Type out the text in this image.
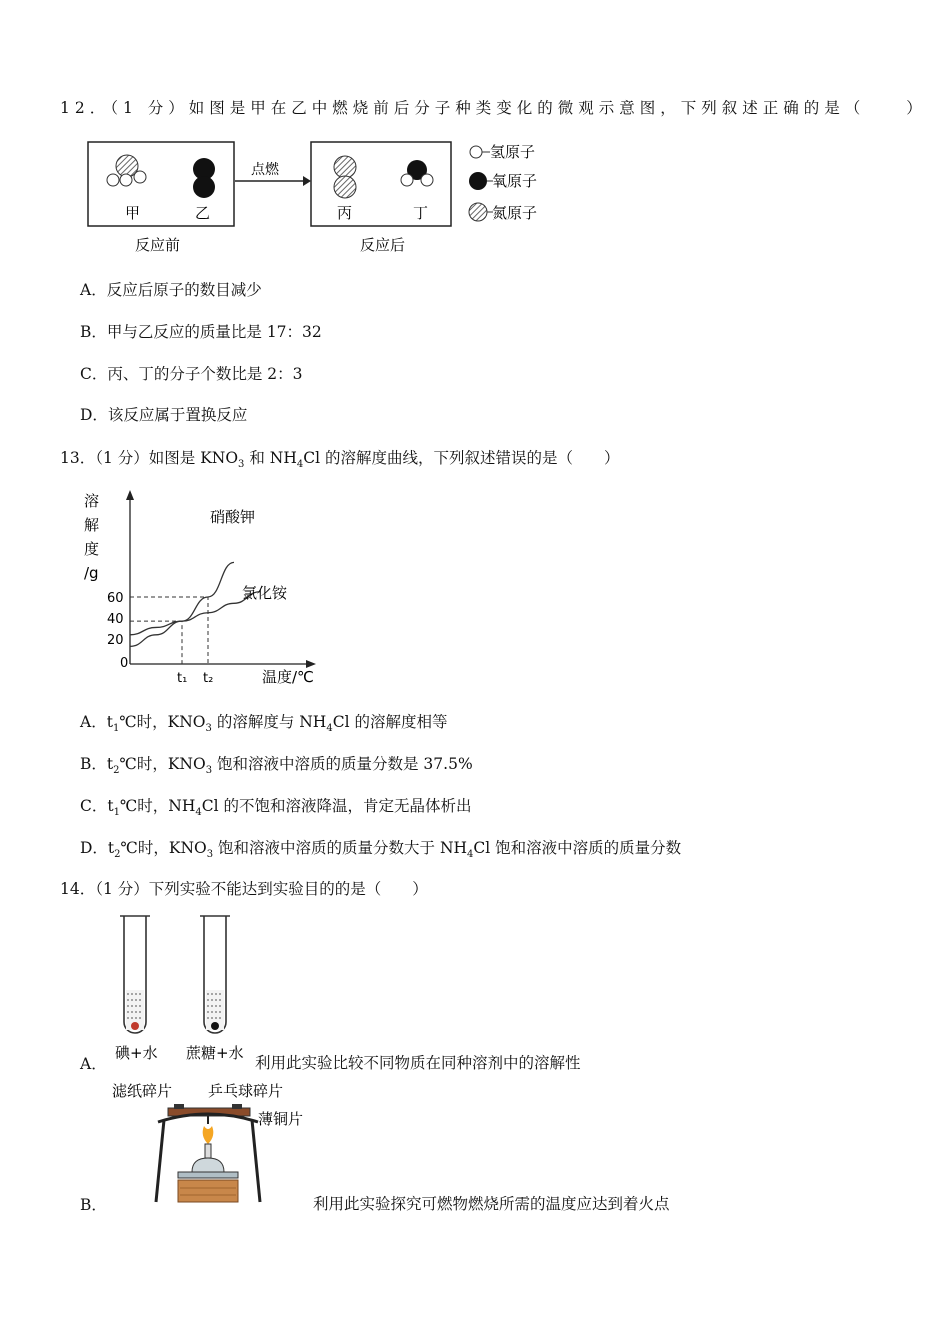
12．（1 分）如图是甲在乙中燃烧前后分子种类变化的微观示意图，下列叙述正确的是（　　）
甲	乙
反应前
点燃
丙	丁
反应后
氢原子
氧原子
氮原子
A．反应后原子的数目减少
B．甲与乙反应的质量比是 17：32
C．丙、丁的分子个数比是 2：3
D．该反应属于置换反应
13．（1 分）如图是 $KNO_3$ 和 $NH_4Cl$ 的溶解度曲线，下列叙述错误的是（　　）
溶
解
度
/g
20
40
60
t₁ t₂
0
温度/℃
硝酸钾
氯化铵
A．$t_1℃$时，$KNO_3$ 的溶解度与 $NH_4Cl$ 的溶解度相等
B．$t_2℃$时，$KNO_3$ 饱和溶液中溶质的质量分数是 37.5%
C．$t_1℃$时，$NH_4Cl$ 的不饱和溶液降温，肯定无晶体析出
D．$t_2℃$时，$KNO_3$ 饱和溶液中溶质的质量分数大于 $NH_4Cl$ 饱和溶液中溶质的质量分数
14．（1 分）下列实验不能达到实验目的的是（　　）
碘+水 蔗糖+水
A．	利用此实验比较不同物质在同种溶剂中的溶解性
滤纸碎片 乒乓球碎片
薄铜片
B．	利用此实验探究可燃物燃烧所需的温度应达到着火点
